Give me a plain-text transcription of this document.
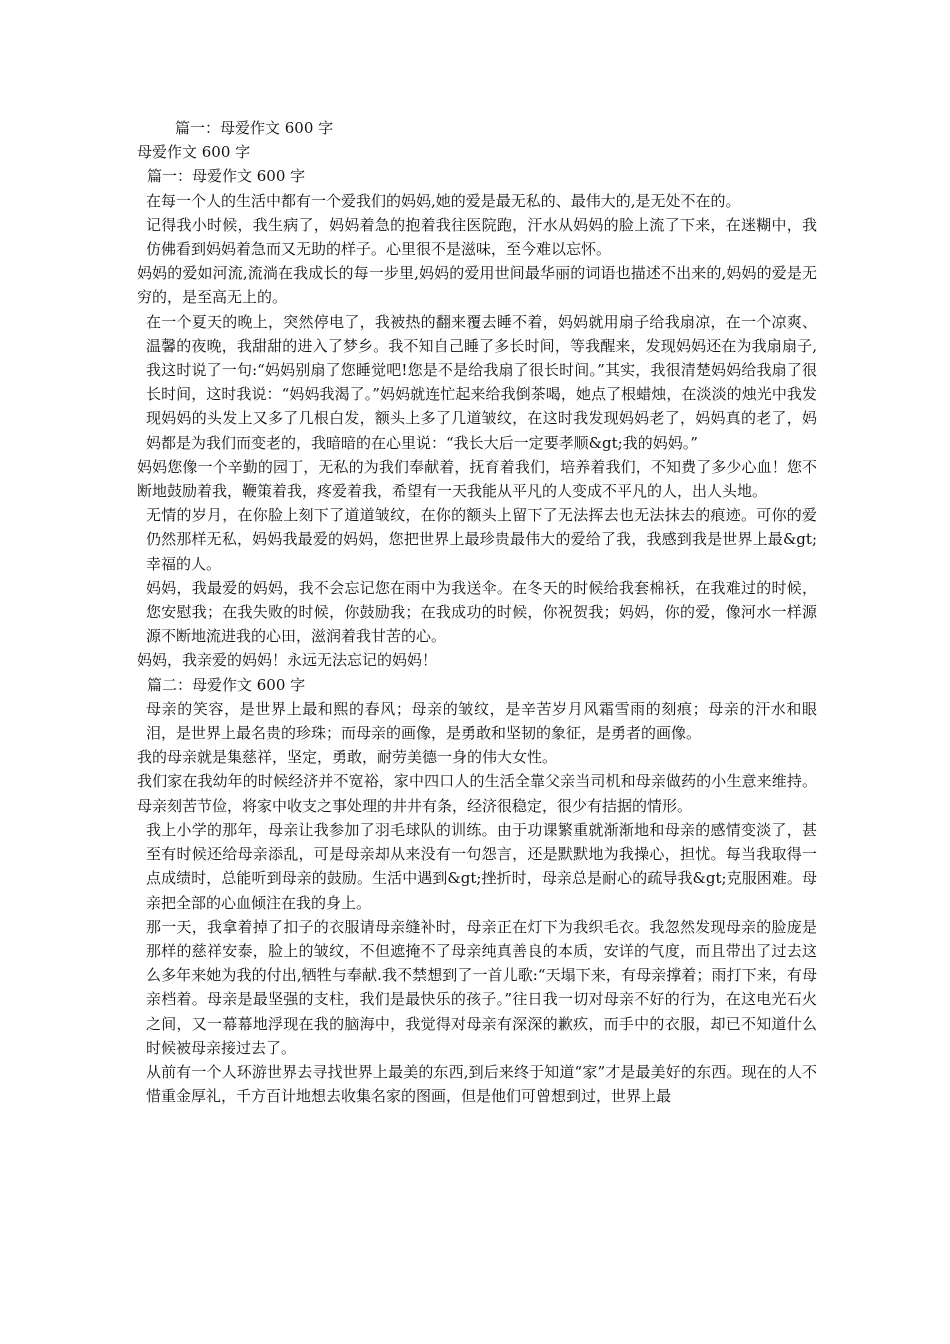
篇一：母爱作文 600 字

母爱作文 600 字

篇一：母爱作文 600 字

在每一个人的生活中都有一个爱我们的妈妈,她的爱是最无私的、最伟大的,是无处不在的。

记得我小时候，我生病了，妈妈着急的抱着我往医院跑，汗水从妈妈的脸上流了下来，在迷糊中，我仿佛看到妈妈着急而又无助的样子。心里很不是滋味，至今难以忘怀。

妈妈的爱如河流,流淌在我成长的每一步里,妈妈的爱用世间最华丽的词语也描述不出来的,妈妈的爱是无穷的，是至高无上的。

在一个夏天的晚上，突然停电了，我被热的翻来覆去睡不着，妈妈就用扇子给我扇凉，在一个凉爽、温馨的夜晚，我甜甜的进入了梦乡。我不知自己睡了多长时间，等我醒来，发现妈妈还在为我扇扇子,我这时说了一句:“妈妈别扇了您睡觉吧!您是不是给我扇了很长时间。”其实，我很清楚妈妈给我扇了很长时间，这时我说：“妈妈我渴了。”妈妈就连忙起来给我倒茶喝，她点了根蜡烛，在淡淡的烛光中我发现妈妈的头发上又多了几根白发，额头上多了几道皱纹，在这时我发现妈妈老了，妈妈真的老了，妈妈都是为我们而变老的，我暗暗的在心里说：“我长大后一定要孝顺&gt;我的妈妈。”

妈妈您像一个辛勤的园丁，无私的为我们奉献着，抚育着我们，培养着我们，不知费了多少心血！您不断地鼓励着我，鞭策着我，疼爱着我，希望有一天我能从平凡的人变成不平凡的人，出人头地。

无情的岁月，在你脸上刻下了道道皱纹，在你的额头上留下了无法挥去也无法抹去的痕迹。可你的爱仍然那样无私，妈妈我最爱的妈妈，您把世界上最珍贵最伟大的爱给了我，我感到我是世界上最&gt;幸福的人。

妈妈，我最爱的妈妈，我不会忘记您在雨中为我送伞。在冬天的时候给我套棉袄，在我难过的时候，您安慰我；在我失败的时候，你鼓励我；在我成功的时候，你祝贺我；妈妈，你的爱，像河水一样源源不断地流进我的心田，滋润着我甘苦的心。

妈妈，我亲爱的妈妈！永远无法忘记的妈妈！

篇二：母爱作文 600 字

母亲的笑容，是世界上最和熙的春风；母亲的皱纹，是辛苦岁月风霜雪雨的刻痕；母亲的汗水和眼泪，是世界上最名贵的珍珠；而母亲的画像，是勇敢和坚韧的象征，是勇者的画像。

我的母亲就是集慈祥，坚定，勇敢，耐劳美德一身的伟大女性。

我们家在我幼年的时候经济并不宽裕，家中四口人的生活全靠父亲当司机和母亲做药的小生意来维持。母亲刻苦节俭，将家中收支之事处理的井井有条，经济很稳定，很少有拮据的情形。

我上小学的那年，母亲让我参加了羽毛球队的训练。由于功课繁重就渐渐地和母亲的感情变淡了，甚至有时候还给母亲添乱，可是母亲却从来没有一句怨言，还是默默地为我操心，担忧。每当我取得一点成绩时，总能听到母亲的鼓励。生活中遇到&gt;挫折时，母亲总是耐心的疏导我&gt;克服困难。母亲把全部的心血倾注在我的身上。

那一天，我拿着掉了扣子的衣服请母亲缝补时，母亲正在灯下为我织毛衣。我忽然发现母亲的脸庞是那样的慈祥安泰，脸上的皱纹，不但遮掩不了母亲纯真善良的本质，安详的气度，而且带出了过去这么多年来她为我的付出,牺牲与奉献.我不禁想到了一首儿歌:“天塌下来，有母亲撑着；雨打下来，有母亲档着。母亲是最坚强的支柱，我们是最快乐的孩子。”往日我一切对母亲不好的行为，在这电光石火之间，又一幕幕地浮现在我的脑海中，我觉得对母亲有深深的歉疚，而手中的衣服，却已不知道什么时候被母亲接过去了。

从前有一个人环游世界去寻找世界上最美的东西,到后来终于知道“家”才是最美好的东西。现在的人不惜重金厚礼，千方百计地想去收集名家的图画，但是他们可曾想到过，世界上最
